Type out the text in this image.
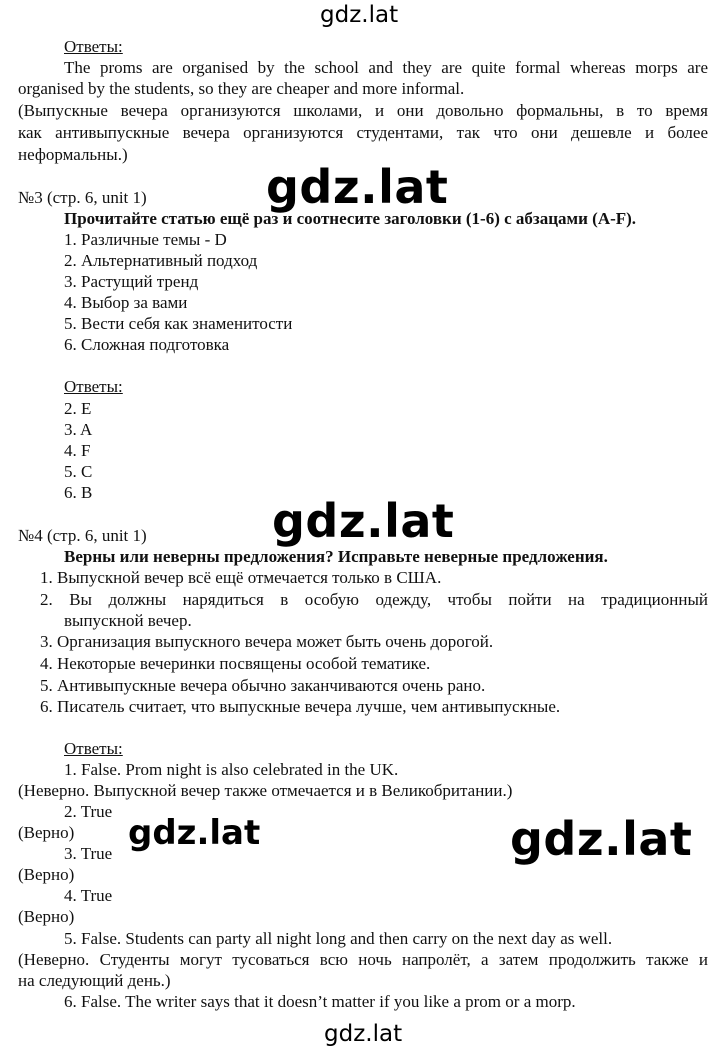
gdz.lat
gdz.lat
gdz.lat
gdz.lat	gdz.lat
gdz.lat
Ответы:
The proms are organised by the school and they are quite formal whereas morps are
organised by the students, so they are cheaper and more informal.
(Выпускные вечера организуются школами, и они довольно формальны, в то время
как антивыпускные вечера организуются студентами, так что они дешевле и более
неформальны.)
№3 (стр. 6, unit 1)
Прочитайте статью ещё раз и соотнесите заголовки (1-6) с абзацами (A-F).
1. Различные темы - D
2. Альтернативный подход
3. Растущий тренд
4. Выбор за вами
5. Вести себя как знаменитости
6. Сложная подготовка
Ответы:
2. E
3. A
4. F
5. C
6. B
№4 (стр. 6, unit 1)
Верны или неверны предложения? Исправьте неверные предложения.
1. Выпускной вечер всё ещё отмечается только в США.
2. Вы должны нарядиться в особую одежду, чтобы пойти на традиционный
выпускной вечер.
3. Организация выпускного вечера может быть очень дорогой.
4. Некоторые вечеринки посвящены особой тематике.
5. Антивыпускные вечера обычно заканчиваются очень рано.
6. Писатель считает, что выпускные вечера лучше, чем антивыпускные.
Ответы:
1. False. Prom night is also celebrated in the UK.
(Неверно. Выпускной вечер также отмечается и в Великобритании.)
2. True
(Верно)
3. True
(Верно)
4. True
(Верно)
5. False. Students can party all night long and then carry on the next day as well.
(Неверно. Студенты могут тусоваться всю ночь напролёт, а затем продолжить также и
на следующий день.)
6. False. The writer says that it doesn’t matter if you like a prom or a morp.
